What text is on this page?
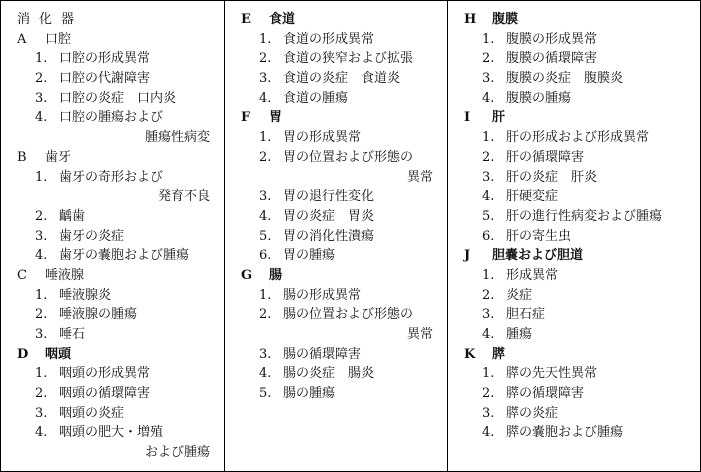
消化器
A 口腔
1. 口腔の形成異常
2. 口腔の代謝障害
3. 口腔の炎症　口内炎
4. 口腔の腫瘍および
腫瘍性病変
B 歯牙
1. 歯牙の奇形および
発育不良
2. 齲歯
3. 歯牙の炎症
4. 歯牙の嚢胞および腫瘍
C 唾液腺
1. 唾液腺炎
2. 唾液腺の腫瘍
3. 唾石
D 咽頭
1. 咽頭の形成異常
2. 咽頭の循環障害
3. 咽頭の炎症
4. 咽頭の肥大・増殖
および腫瘍
E 食道
1. 食道の形成異常
2. 食道の狭窄および拡張
3. 食道の炎症　食道炎
4. 食道の腫瘍
F 胃
1. 胃の形成異常
2. 胃の位置および形態の
異常
3. 胃の退行性変化
4. 胃の炎症　胃炎
5. 胃の消化性潰瘍
6. 胃の腫瘍
G 腸
1. 腸の形成異常
2. 腸の位置および形態の
異常
3. 腸の循環障害
4. 腸の炎症　腸炎
5. 腸の腫瘍
H 腹膜
1. 腹膜の形成異常
2. 腹膜の循環障害
3. 腹膜の炎症　腹膜炎
4. 腹膜の腫瘍
I 肝
1. 肝の形成および形成異常
2. 肝の循環障害
3. 肝の炎症　肝炎
4. 肝硬変症
5. 肝の進行性病変および腫瘍
6. 肝の寄生虫
J 胆嚢および胆道
1. 形成異常
2. 炎症
3. 胆石症
4. 腫瘍
K 膵
1. 膵の先天性異常
2. 膵の循環障害
3. 膵の炎症
4. 膵の嚢胞および腫瘍
